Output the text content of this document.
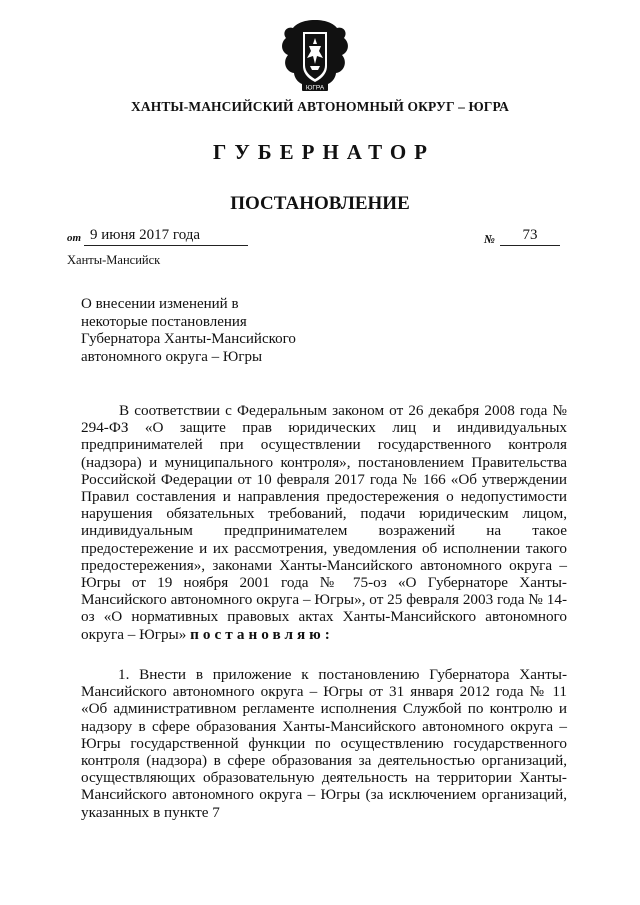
ЮГРА
ХАНТЫ-МАНСИЙСКИЙ АВТОНОМНЫЙ ОКРУГ – ЮГРА
ГУБЕРНАТОР
ПОСТАНОВЛЕНИЕ
от 9 июня 2017 года	№	73
Ханты-Мансийск
О внесении изменений в
некоторые постановления
Губернатора Ханты-Мансийского
автономного округа – Югры

В соответствии с Федеральным законом от 26 декабря 2008 года № 294-ФЗ «О защите прав юридических лиц и индивидуальных предпринимателей при осуществлении государственного контроля (надзора) и муниципального контроля», постановлением Правительства Российской Федерации от 10 февраля 2017 года № 166 «Об утверждении Правил составления и направления предостережения о недопустимости нарушения обязательных требований, подачи юридическим лицом, индивидуальным предпринимателем возражений на такое предостережение и их рассмотрения, уведомления об исполнении такого предостережения», законами Ханты-Мансийского автономного округа – Югры от 19 ноября 2001 года № 75-оз «О Губернаторе Ханты-Мансийского автономного округа – Югры», от 25 февраля 2003 года № 14-оз «О нормативных правовых актах Ханты-Мансийского автономного округа – Югры» постановляю:

1. Внести в приложение к постановлению Губернатора Ханты-Мансийского автономного округа – Югры от 31 января 2012 года № 11 «Об административном регламенте исполнения Службой по контролю и надзору в сфере образования Ханты-Мансийского автономного округа – Югры государственной функции по осуществлению государственного контроля (надзора) в сфере образования за деятельностью организаций, осуществляющих образовательную деятельность на территории Ханты-Мансийского автономного округа – Югры (за исключением организаций, указанных в пункте 7
